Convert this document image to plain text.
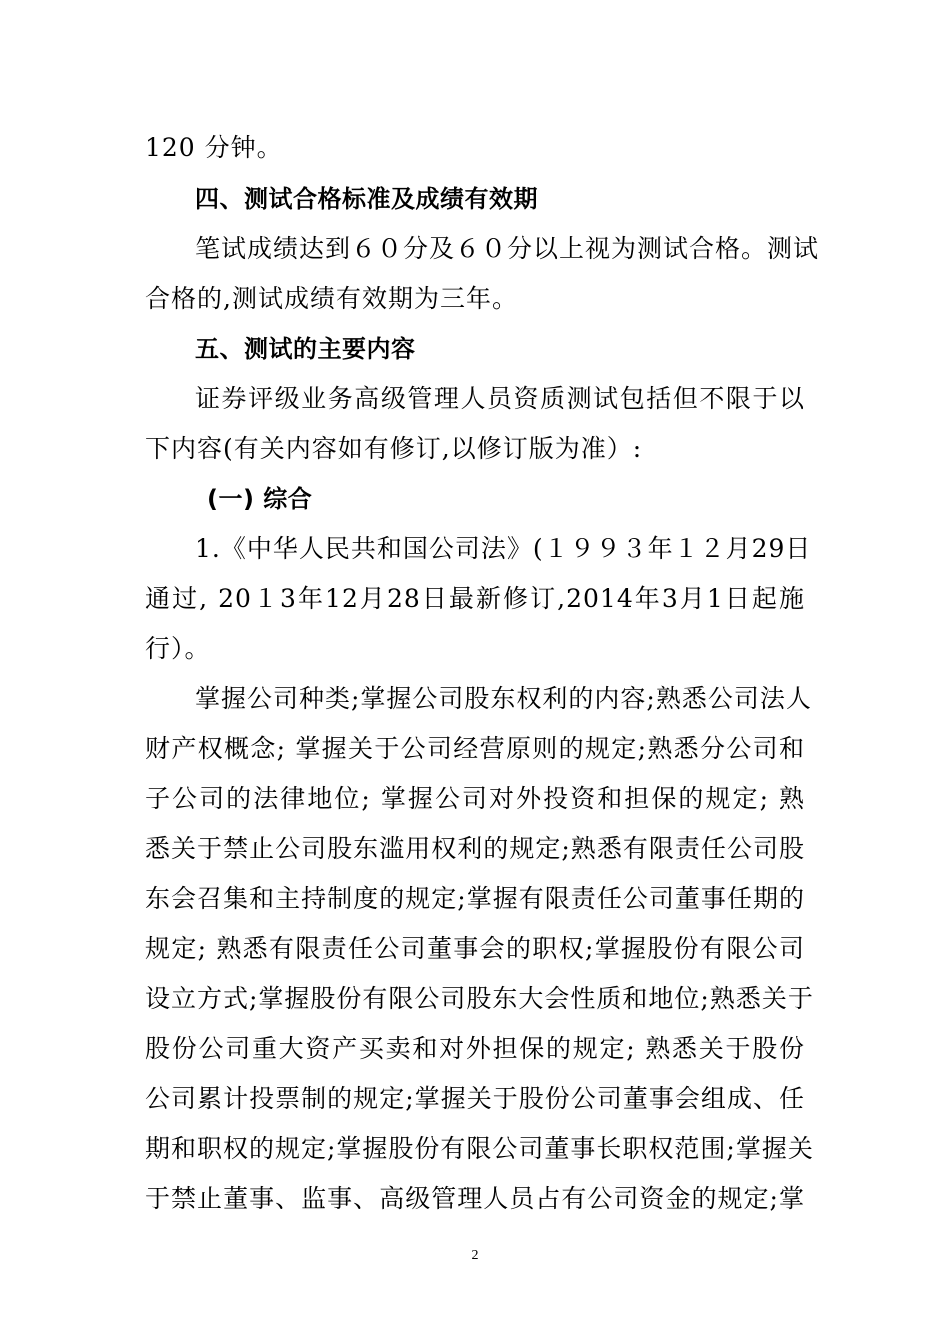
120 分钟。
四、测试合格标准及成绩有效期
笔试成绩达到６０分及６０分以上视为测试合格。测试
合格的,测试成绩有效期为三年。
五、测试的主要内容
证券评级业务高级管理人员资质测试包括但不限于以
下内容(有关内容如有修订,以修订版为准）:
(一) 综合
1.《中华人民共和国公司法》(１９９３年１２月29日
通过, 20１3年12月28日最新修订,2014年3月1日起施
行）。
掌握公司种类;掌握公司股东权利的内容;熟悉公司法人
财产权概念; 掌握关于公司经营原则的规定;熟悉分公司和
子公司的法律地位; 掌握公司对外投资和担保的规定; 熟
悉关于禁止公司股东滥用权利的规定;熟悉有限责任公司股
东会召集和主持制度的规定;掌握有限责任公司董事任期的
规定; 熟悉有限责任公司董事会的职权;掌握股份有限公司
设立方式;掌握股份有限公司股东大会性质和地位;熟悉关于
股份公司重大资产买卖和对外担保的规定; 熟悉关于股份
公司累计投票制的规定;掌握关于股份公司董事会组成、任
期和职权的规定;掌握股份有限公司董事长职权范围;掌握关
于禁止董事、监事、高级管理人员占有公司资金的规定;掌
2
